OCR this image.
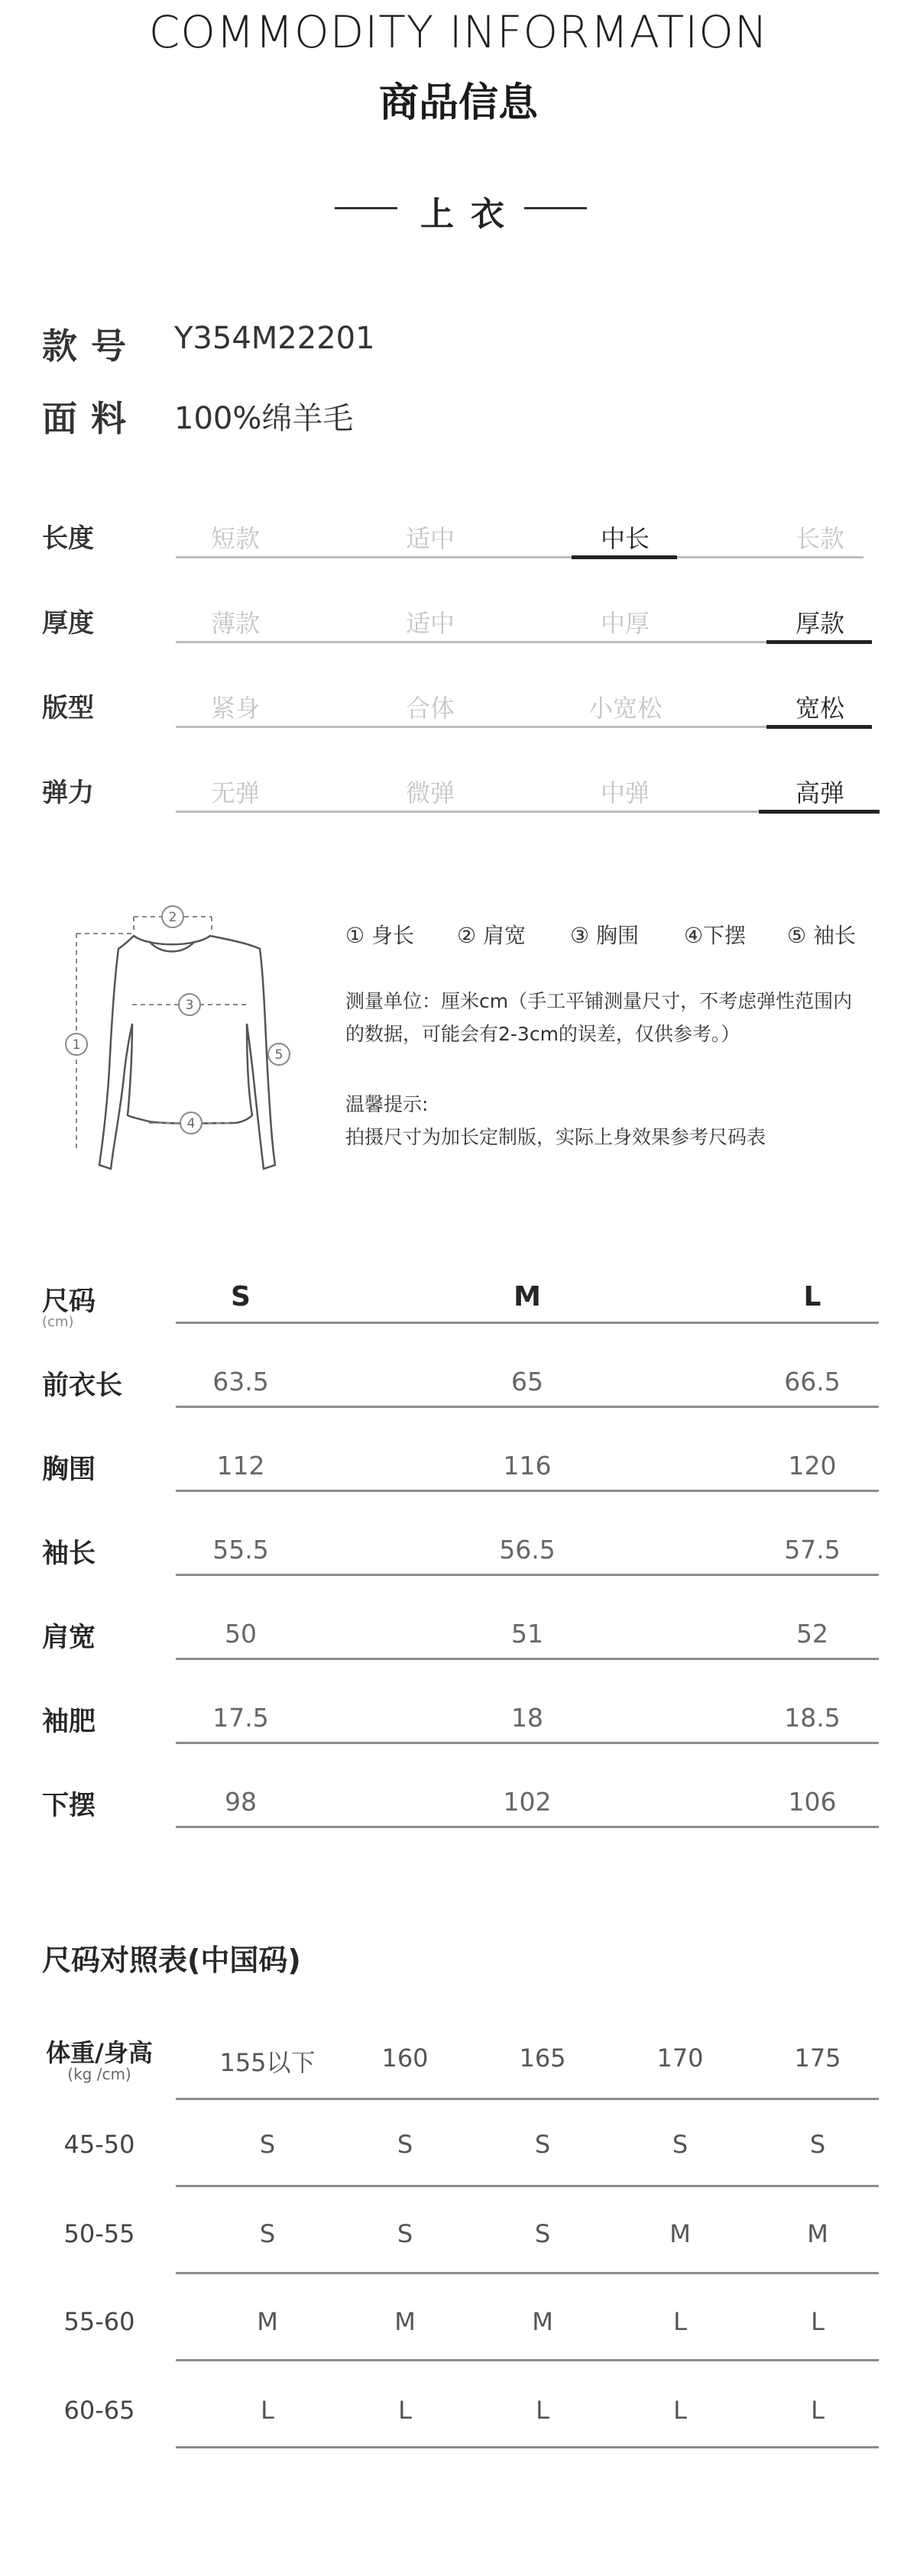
COMMODITY INFORMATION
商品信息
上衣
款号 Y354M22201
面料 100%绵羊毛
长度	短款	适中	中长	长款
厚度	薄款	适中	中厚	厚款
版型	紧身	合体	小宽松	宽松
弹力	无弹	微弹	中弹	高弹
1
2
3
4
5
① 身长 ② 肩宽 ③ 胸围 ④下摆 ⑤ 袖长
测量单位：厘米cm（手工平铺测量尺寸，不考虑弹性范围内
的数据，可能会有2-3cm的误差，仅供参考。）
温馨提示:
拍摄尺寸为加长定制版，实际上身效果参考尺码表
尺码
(cm)
S	M	L
前衣长	63.5	65	66.5
胸围	112	116	120
袖长	55.5	56.5	57.5
肩宽	50	51	52
袖肥	17.5	18	18.5
下摆	98	102	106
尺码对照表(中国码)
体重/身高
(kg /cm)	155以下	160	165	170	175
45-50	S	S	S	S	S
50-55	S	S	S	M	M
55-60	M	M	M	L	L
60-65	L	L	L	L	L
